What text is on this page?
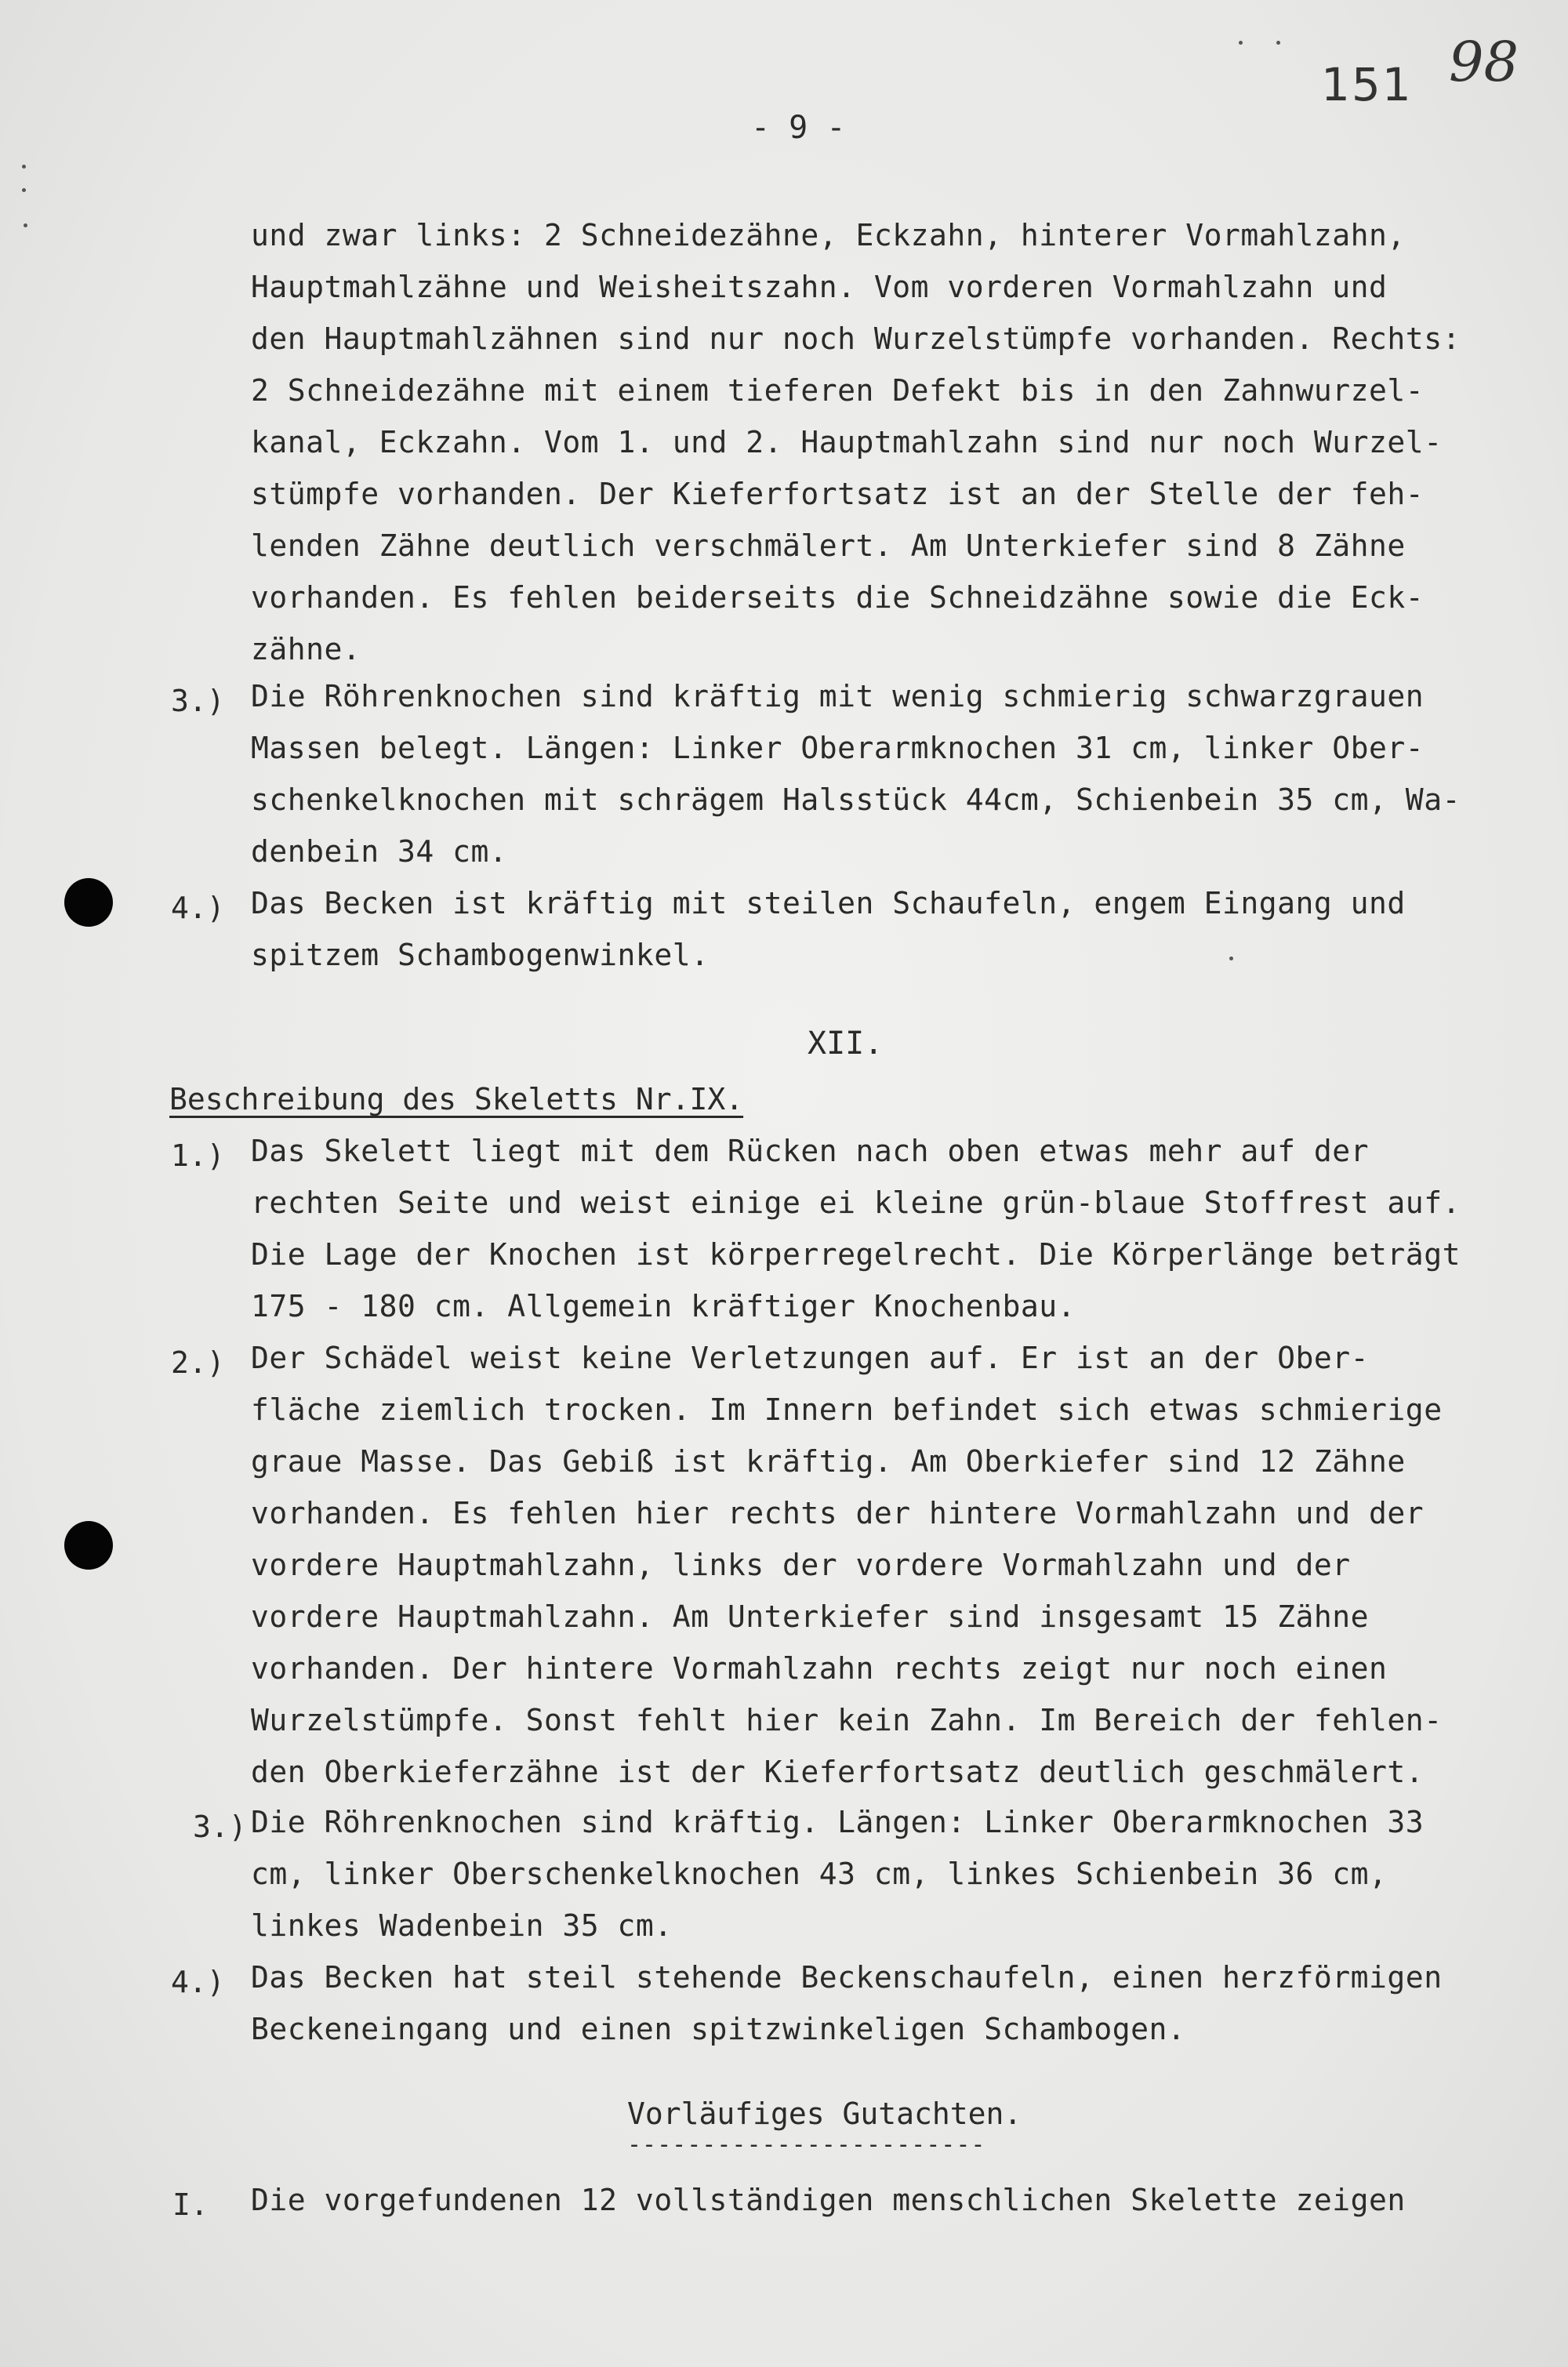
151 98
- 9 -
und zwar links: 2 Schneidezähne, Eckzahn, hinterer Vormahlzahn,
Hauptmahlzähne und Weisheitszahn. Vom vorderen Vormahlzahn und
den Hauptmahlzähnen sind nur noch Wurzelstümpfe vorhanden. Rechts:
2 Schneidezähne mit einem tieferen Defekt bis in den Zahnwurzel-
kanal, Eckzahn. Vom 1. und 2. Hauptmahlzahn sind nur noch Wurzel-
stümpfe vorhanden. Der Kieferfortsatz ist an der Stelle der feh-
lenden Zähne deutlich verschmälert. Am Unterkiefer sind 8 Zähne
vorhanden. Es fehlen beiderseits die Schneidzähne sowie die Eck-
zähne.
3.) Die Röhrenknochen sind kräftig mit wenig schmierig schwarzgrauen
Massen belegt. Längen: Linker Oberarmknochen 31 cm, linker Ober-
schenkelknochen mit schrägem Halsstück 44cm, Schienbein 35 cm, Wa-
denbein 34 cm.
4.) Das Becken ist kräftig mit steilen Schaufeln, engem Eingang und
spitzem Schambogenwinkel.
XII.
Beschreibung des Skeletts Nr.IX.
1.) Das Skelett liegt mit dem Rücken nach oben etwas mehr auf der
rechten Seite und weist einige ei kleine grün-blaue Stoffrest auf.
Die Lage der Knochen ist körperregelrecht. Die Körperlänge beträgt
175 - 180 cm. Allgemein kräftiger Knochenbau.
2.) Der Schädel weist keine Verletzungen auf. Er ist an der Ober-
fläche ziemlich trocken. Im Innern befindet sich etwas schmierige
graue Masse. Das Gebiß ist kräftig. Am Oberkiefer sind 12 Zähne
vorhanden. Es fehlen hier rechts der hintere Vormahlzahn und der
vordere Hauptmahlzahn, links der vordere Vormahlzahn und der
vordere Hauptmahlzahn. Am Unterkiefer sind insgesamt 15 Zähne
vorhanden. Der hintere Vormahlzahn rechts zeigt nur noch einen
Wurzelstümpfe. Sonst fehlt hier kein Zahn. Im Bereich der fehlen-
den Oberkieferzähne ist der Kieferfortsatz deutlich geschmälert.
3.) Die Röhrenknochen sind kräftig. Längen: Linker Oberarmknochen 33
cm, linker Oberschenkelknochen 43 cm, linkes Schienbein 36 cm,
linkes Wadenbein 35 cm.
4.) Das Becken hat steil stehende Beckenschaufeln, einen herzförmigen
Beckeneingang und einen spitzwinkeligen Schambogen.
Vorläufiges Gutachten.
------------------------
I. Die vorgefundenen 12 vollständigen menschlichen Skelette zeigen
